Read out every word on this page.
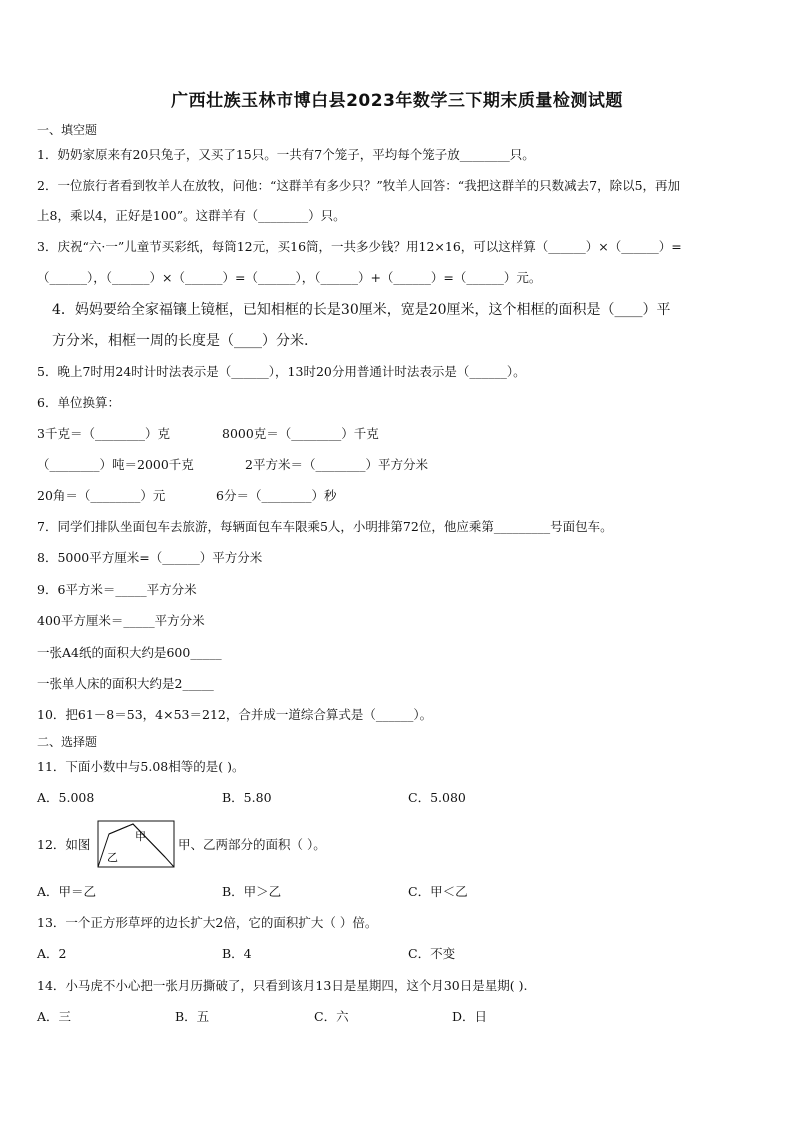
广西壮族玉林市博白县2023年数学三下期末质量检测试题
一、填空题
1．奶奶家原来有20只兔子，又买了15只。一共有7个笼子，平均每个笼子放________只。
2．一位旅行者看到牧羊人在放牧，问他：“这群羊有多少只？”牧羊人回答：“我把这群羊的只数减去7，除以5，再加
上8，乘以4，正好是100”。这群羊有（________）只。
3．庆祝“六·一”儿童节买彩纸，每筒12元，买16筒，一共多少钱？用12×16，可以这样算（______）×（______）=
（______），（______）×（______）=（______），（______）+（______）=（______）元。
4．妈妈要给全家福镶上镜框，已知相框的长是30厘米，宽是20厘米，这个相框的面积是（____）平
方分米，相框一周的长度是（____）分米.
5．晚上7时用24时计时法表示是（______），13时20分用普通计时法表示是（______）。
6．单位换算：
3千克＝（________）克	8000克＝（________）千克
（________）吨＝2000千克	2平方米＝（________）平方分米
20角＝（________）元	6分＝（________）秒
7．同学们排队坐面包车去旅游，每辆面包车车限乘5人，小明排第72位，他应乘第_________号面包车。
8．5000平方厘米=（______）平方分米
9．6平方米＝_____平方分米
400平方厘米＝_____平方分米
一张A4纸的面积大约是600_____
一张单人床的面积大约是2_____
10．把61－8＝53，4×53＝212，合并成一道综合算式是（______）。
二、选择题
11．下面小数中与5.08相等的是( )。
A．5.008	B．5.80	C．5.080
12．如图
甲
乙
甲、乙两部分的面积（ ）。
A．甲＝乙	B．甲＞乙	C．甲＜乙
13．一个正方形草坪的边长扩大2倍，它的面积扩大（ ）倍。
A．2	B．4	C．不变
14．小马虎不小心把一张月历撕破了，只看到该月13日是星期四，这个月30日是星期( ).
A．三	B．五	C．六	D．日
